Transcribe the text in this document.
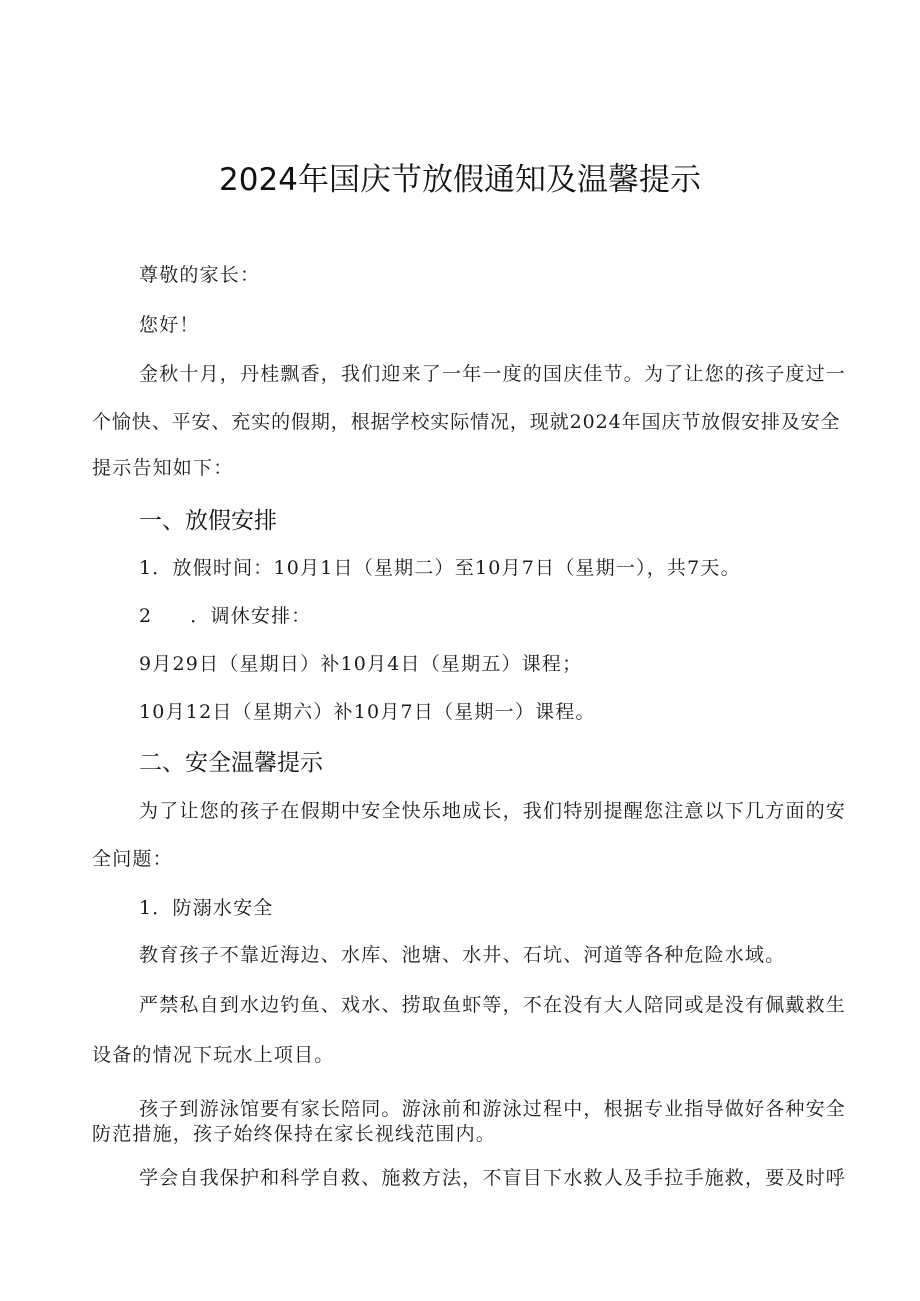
2024年国庆节放假通知及温馨提示
尊敬的家长：
您好！
金秋十月，丹桂飘香，我们迎来了一年一度的国庆佳节。为了让您的孩子度过一
个愉快、平安、充实的假期，根据学校实际情况，现就2024年国庆节放假安排及安全
提示告知如下：
一、放假安排
1．放假时间：10月1日（星期二）至10月7日（星期一），共7天。
2 ．调休安排：
9月29日（星期日）补10月4日（星期五）课程；
10月12日（星期六）补10月7日（星期一）课程。
二、安全温馨提示
为了让您的孩子在假期中安全快乐地成长，我们特别提醒您注意以下几方面的安
全问题：
1．防溺水安全
教育孩子不靠近海边、水库、池塘、水井、石坑、河道等各种危险水域。
严禁私自到水边钓鱼、戏水、捞取鱼虾等，不在没有大人陪同或是没有佩戴救生
设备的情况下玩水上项目。
孩子到游泳馆要有家长陪同。游泳前和游泳过程中，根据专业指导做好各种安全
防范措施，孩子始终保持在家长视线范围内。
学会自我保护和科学自救、施救方法，不盲目下水救人及手拉手施救，要及时呼
